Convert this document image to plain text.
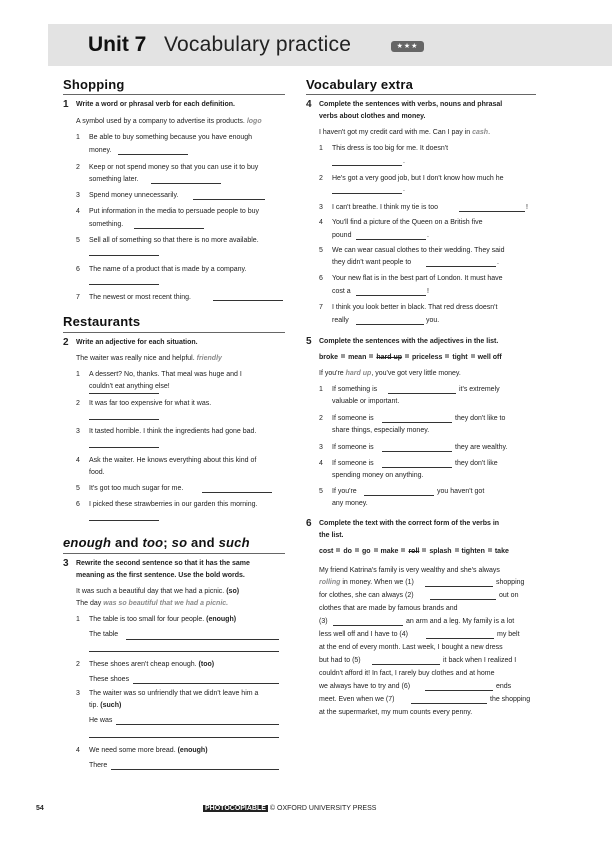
Unit 7 Vocabulary practice	★★★
Shopping
1 Write a word or phrasal verb for each definition.
A symbol used by a company to advertise its products. logo
1 Be able to buy something because you have enough
money.
2 Keep or not spend money so that you can use it to buy
something later.
3 Spend money unnecessarily.
4 Put information in the media to persuade people to buy
something.
5 Sell all of something so that there is no more available.
6 The name of a product that is made by a company.
7 The newest or most recent thing.
Restaurants
2 Write an adjective for each situation.
The waiter was really nice and helpful. friendly
1 A dessert? No, thanks. That meal was huge and I
couldn't eat anything else!
2 It was far too expensive for what it was.
3 It tasted horrible. I think the ingredients had gone bad.
4 Ask the waiter. He knows everything about this kind of
food.
5 It's got too much sugar for me.
6 I picked these strawberries in our garden this morning.
enough and too; so and such
3 Rewrite the second sentence so that it has the same
meaning as the first sentence. Use the bold words.
It was such a beautiful day that we had a picnic. (so)
The day was so beautiful that we had a picnic.
1 The table is too small for four people. (enough)
The table
2 These shoes aren't cheap enough. (too)
These shoes
3 The waiter was so unfriendly that we didn't leave him a
tip. (such)
He was
4 We need some more bread. (enough)
There
Vocabulary extra
4 Complete the sentences with verbs, nouns and phrasal
verbs about clothes and money.
I haven't got my credit card with me. Can I pay in cash.
1 This dress is too big for me. It doesn't
.
2 He's got a very good job, but I don't know how much he
.
3 I can't breathe. I think my tie is too	!
4 You'll find a picture of the Queen on a British five
pound	.
5 We can wear casual clothes to their wedding. They said
they didn't want people to	.
6 Your new flat is in the best part of London. It must have
cost a	!
7 I think you look better in black. That red dress doesn't
really	you.
5 Complete the sentences with the adjectives in the list.
broke mean hard up priceless tight well off
If you're hard up, you've got very little money.
1 If something is	it's extremely
valuable or important.
2 If someone is	they don't like to
share things, especially money.
3 If someone is	they are wealthy.
4 If someone is	they don't like
spending money on anything.
5 If you're	you haven't got
any money.
6 Complete the text with the correct form of the verbs in
the list.
cost do go make roll splash tighten take
My friend Katrina's family is very wealthy and she's always
rolling in money. When we (1)	shopping
for clothes, she can always (2)	out on
clothes that are made by famous brands and
(3)	an arm and a leg. My family is a lot
less well off and I have to (4)	my belt
at the end of every month. Last week, I bought a new dress
but had to (5)	it back when I realized I
couldn't afford it! In fact, I rarely buy clothes and at home
we always have to try and (6)	ends
meet. Even when we (7)	the shopping
at the supermarket, my mum counts every penny.
54	PHOTOCOPIABLE © OXFORD UNIVERSITY PRESS
